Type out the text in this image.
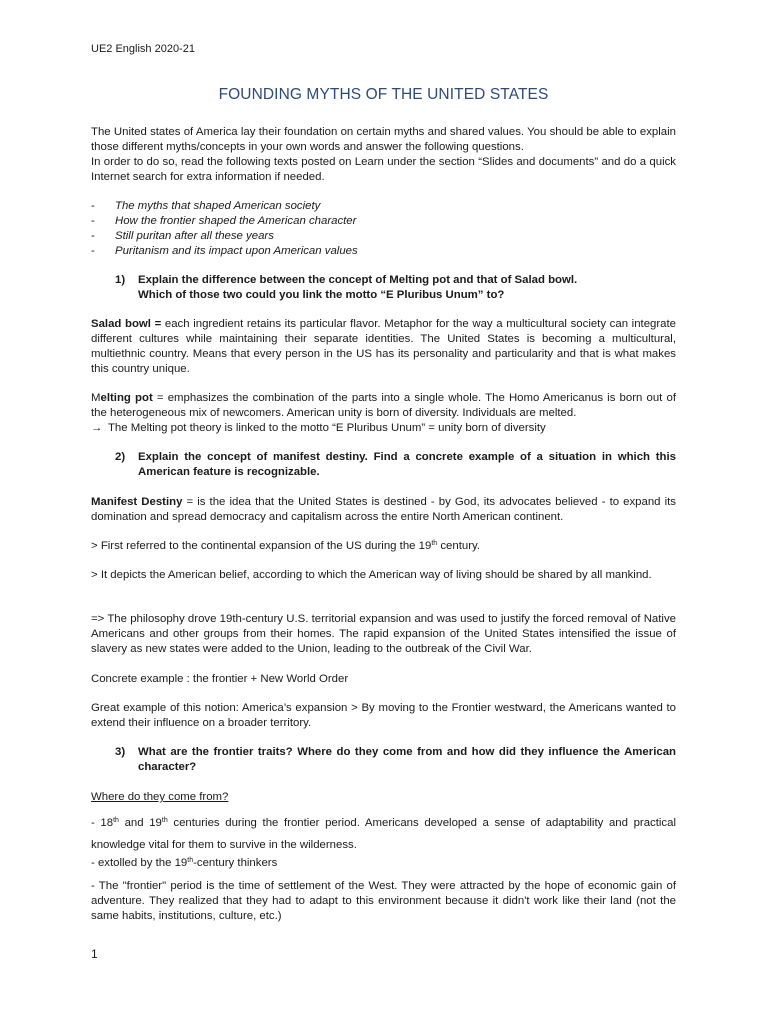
UE2 English 2020-21
FOUNDING MYTHS OF THE UNITED STATES

The United states of America lay their foundation on certain myths and shared values. You should be able to explain those different myths/concepts in your own words and answer the following questions.

In order to do so, read the following texts posted on Learn under the section “Slides and documents” and do a quick Internet search for extra information if needed.

- The myths that shaped American society
- How the frontier shaped the American character
- Still puritan after all these years
- Puritanism and its impact upon American values
1) Explain the difference between the concept of Melting pot and that of Salad bowl.
Which of those two could you link the motto “E Pluribus Unum” to?

Salad bowl = each ingredient retains its particular flavor. Metaphor for the way a multicultural society can integrate different cultures while maintaining their separate identities. The United States is becoming a multicultural, multiethnic country. Means that every person in the US has its personality and particularity and that is what makes this country unique.

Melting pot = emphasizes the combination of the parts into a single whole. The Homo Americanus is born out of the heterogeneous mix of newcomers. American unity is born of diversity. Individuals are melted.

→ The Melting pot theory is linked to the motto “E Pluribus Unum” = unity born of diversity

2) Explain the concept of manifest destiny. Find a concrete example of a situation in which this American feature is recognizable.

Manifest Destiny = is the idea that the United States is destined - by God, its advocates believed - to expand its domination and spread democracy and capitalism across the entire North American continent.

> First referred to the continental expansion of the US during the 19th century.

> It depicts the American belief, according to which the American way of living should be shared by all mankind.

=> The philosophy drove 19th-century U.S. territorial expansion and was used to justify the forced removal of Native Americans and other groups from their homes. The rapid expansion of the United States intensified the issue of slavery as new states were added to the Union, leading to the outbreak of the Civil War.

Concrete example : the frontier + New World Order

Great example of this notion: America’s expansion > By moving to the Frontier westward, the Americans wanted to extend their influence on a broader territory.

3) What are the frontier traits? Where do they come from and how did they influence the American character?

Where do they come from?

- 18th and 19th centuries during the frontier period. Americans developed a sense of adaptability and practical knowledge vital for them to survive in the wilderness.

- extolled by the 19th-century thinkers

- The "frontier" period is the time of settlement of the West. They were attracted by the hope of economic gain of adventure. They realized that they had to adapt to this environment because it didn't work like their land (not the same habits, institutions, culture, etc.)

1
